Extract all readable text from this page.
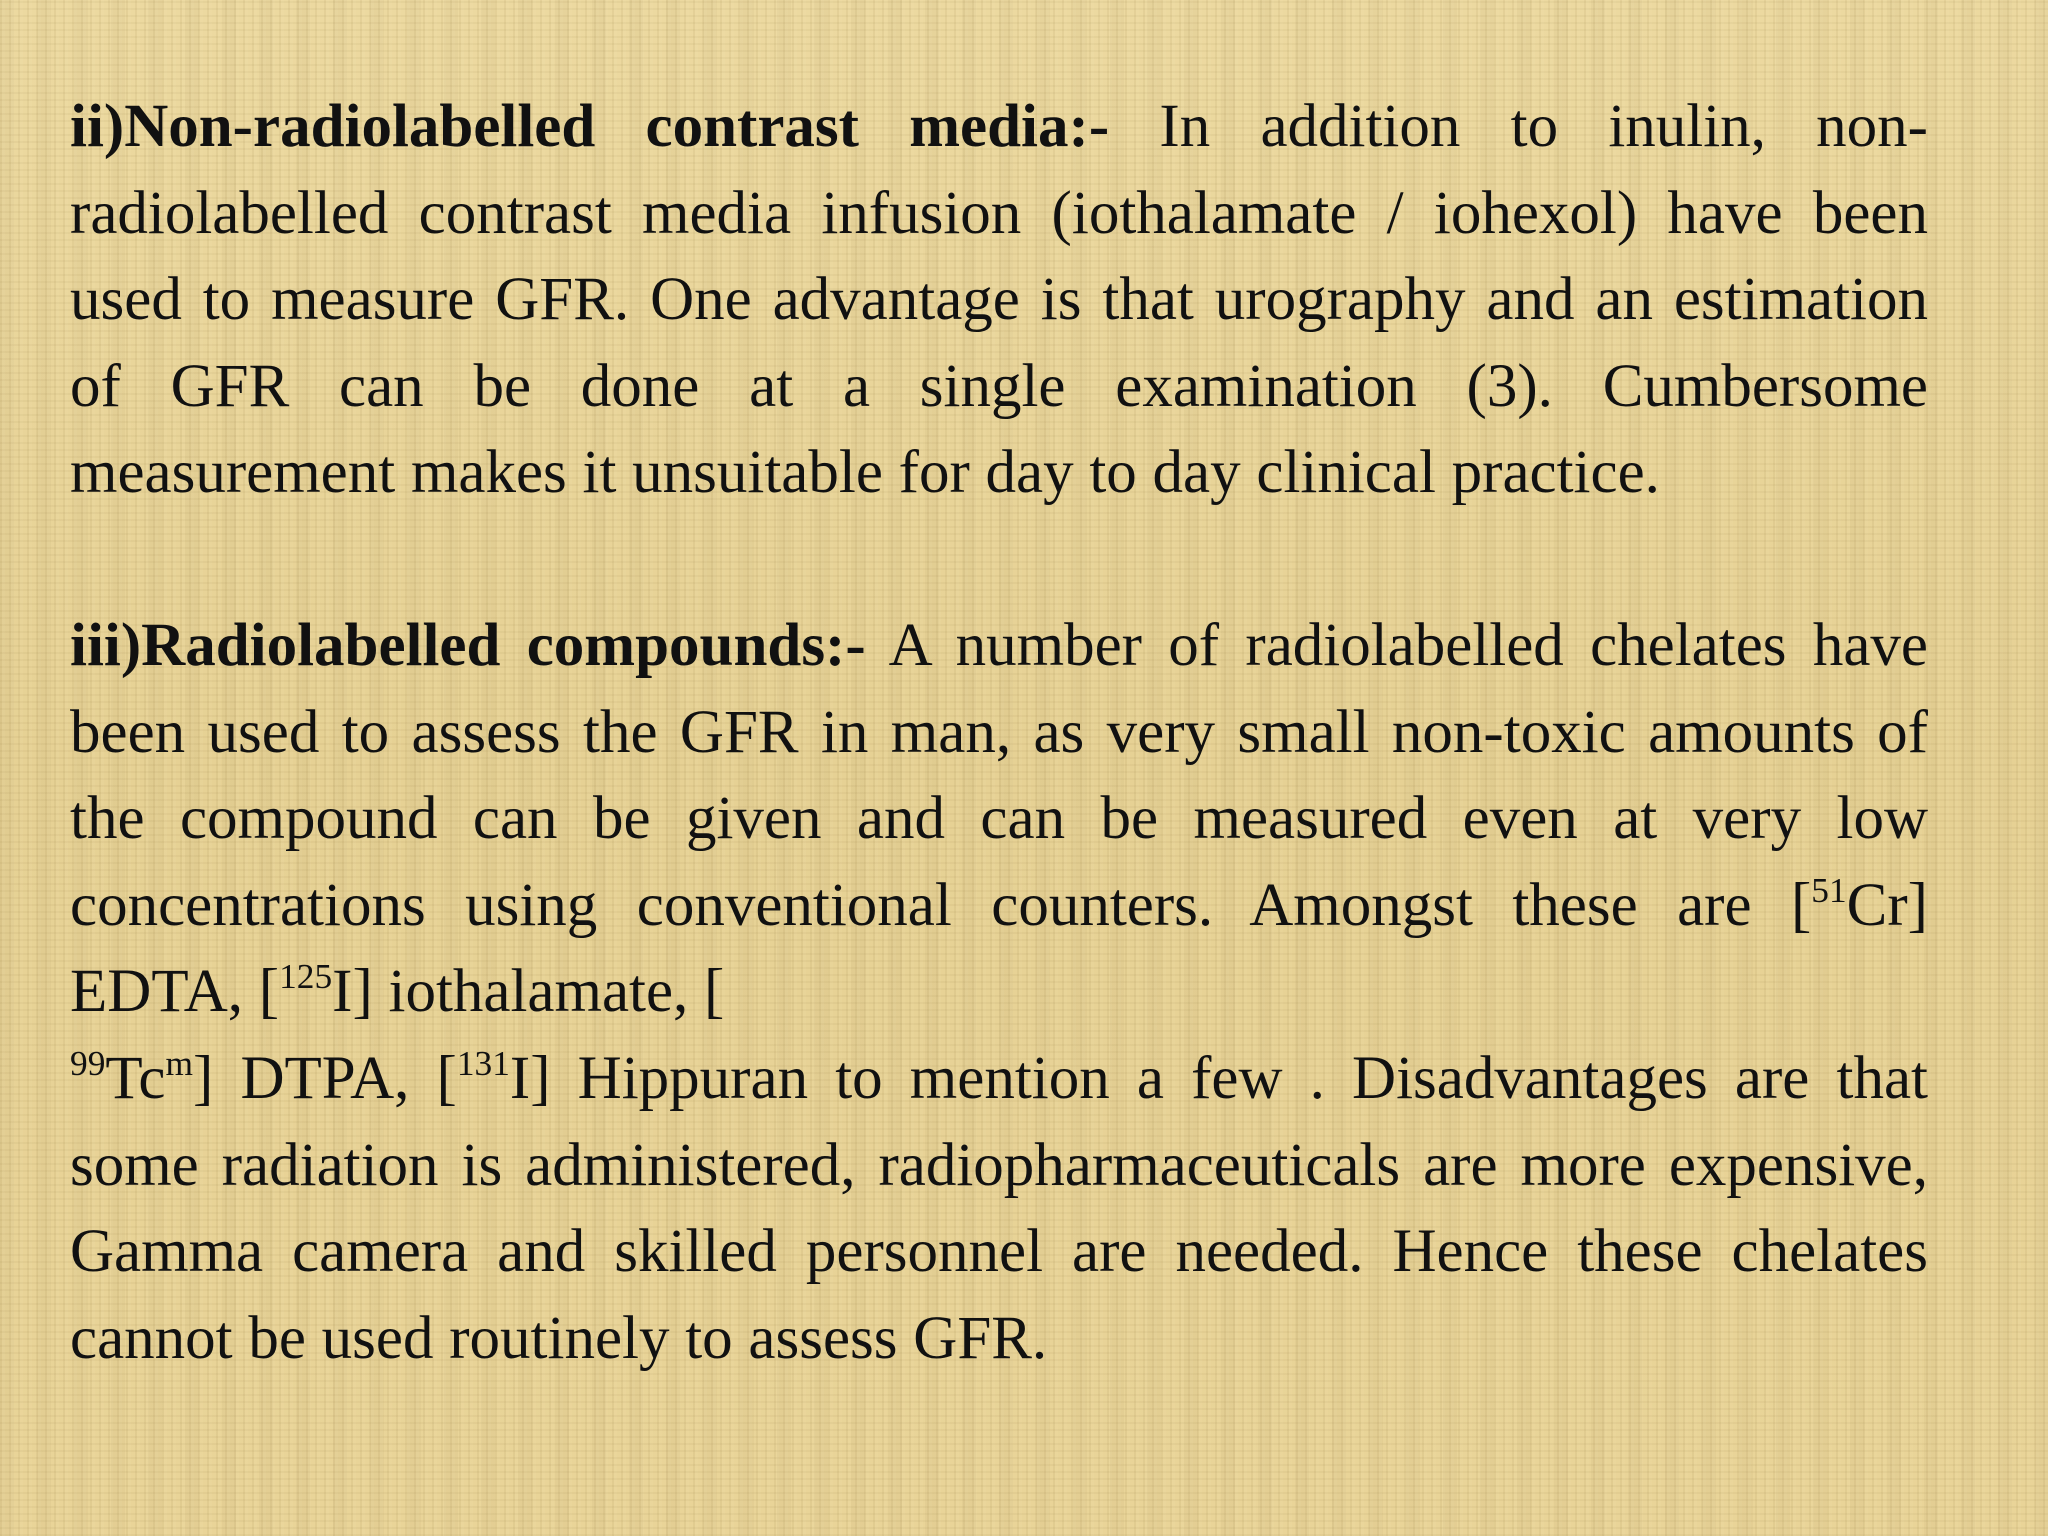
ii)Non-radiolabelled contrast media:- In addition to inulin, non-radiolabelled contrast media infusion (iothalamate / iohexol) have been used to measure GFR. One advantage is that urography and an estimation of GFR can be done at a single examination (3). Cumbersome measurement makes it unsuitable for day to day clinical practice.

iii)Radiolabelled compounds:- A number of radiolabelled chelates have been used to assess the GFR in man, as very small non-toxic amounts of the compound can be given and can be measured even at very low concentrations using conventional counters. Amongst these are [$^{51}$Cr] EDTA, [$^{125}$I] iothalamate, [
$^{99}$Tc$^m$] DTPA, [$^{131}$I] Hippuran to mention a few . Disadvantages are that some radiation is administered, radiopharmaceuticals are more expensive, Gamma camera and skilled personnel are needed. Hence these chelates cannot be used routinely to assess GFR.
